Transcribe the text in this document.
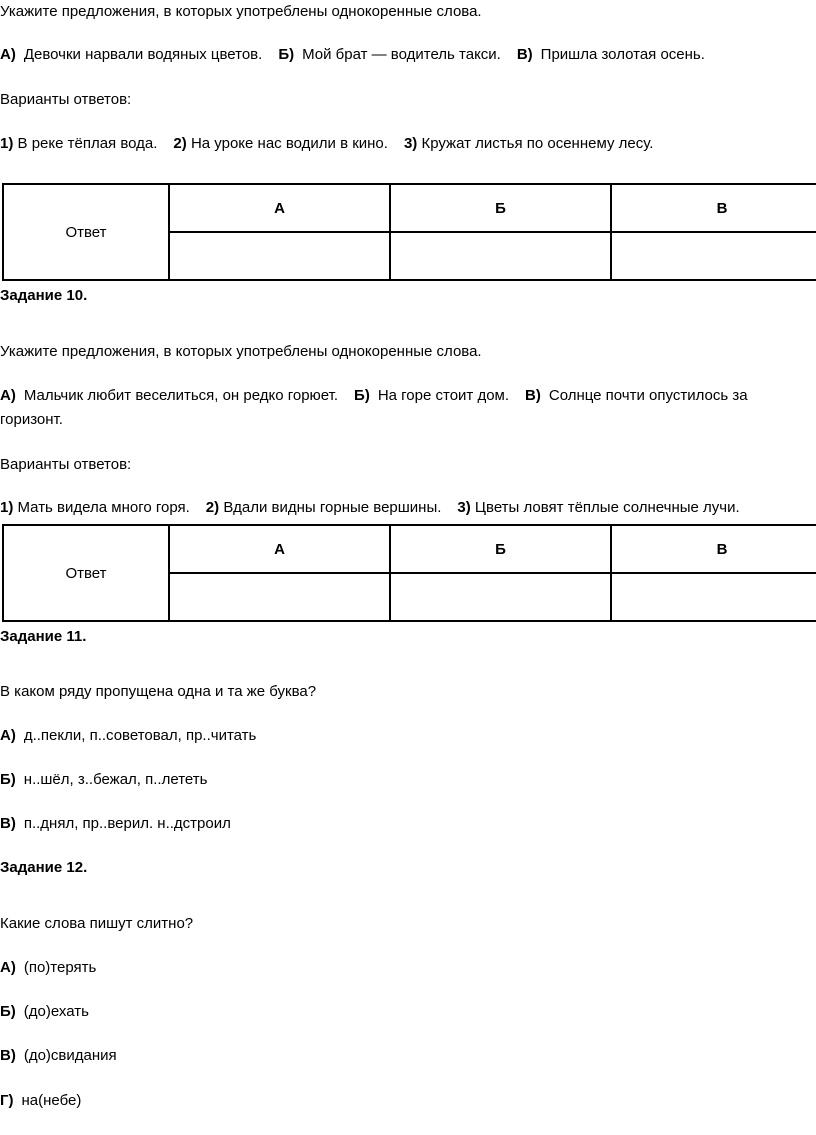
Укажите предложения, в которых употреблены однокоренные слова.
А) Девочки нарвали водяных цветов. Б) Мой брат — водитель такси. В) Пришла золотая осень.
Варианты ответов:
1) В реке тёплая вода. 2) На уроке нас водили в кино. 3) Кружат листья по осеннему лесу.
Ответ	А	Б	В

Задание 10.
Укажите предложения, в которых употреблены однокоренные слова.
А) Мальчик любит веселиться, он редко горюет. Б) На горе стоит дом. В) Солнце почти опустилось за
горизонт.
Варианты ответов:
1) Мать видела много горя. 2) Вдали видны горные вершины. 3) Цветы ловят тёплые солнечные лучи.
Ответ	А	Б	В

Задание 11.
В каком ряду пропущена одна и та же буква?
А) д..пекли, п..советовал, пр..читать
Б) н..шёл, з..бежал, п..лететь
В) п..днял, пр..верил. н..дстроил
Задание 12.
Какие слова пишут слитно?
А) (по)терять
Б) (до)ехать
В) (до)свидания
Г) на(небе)
